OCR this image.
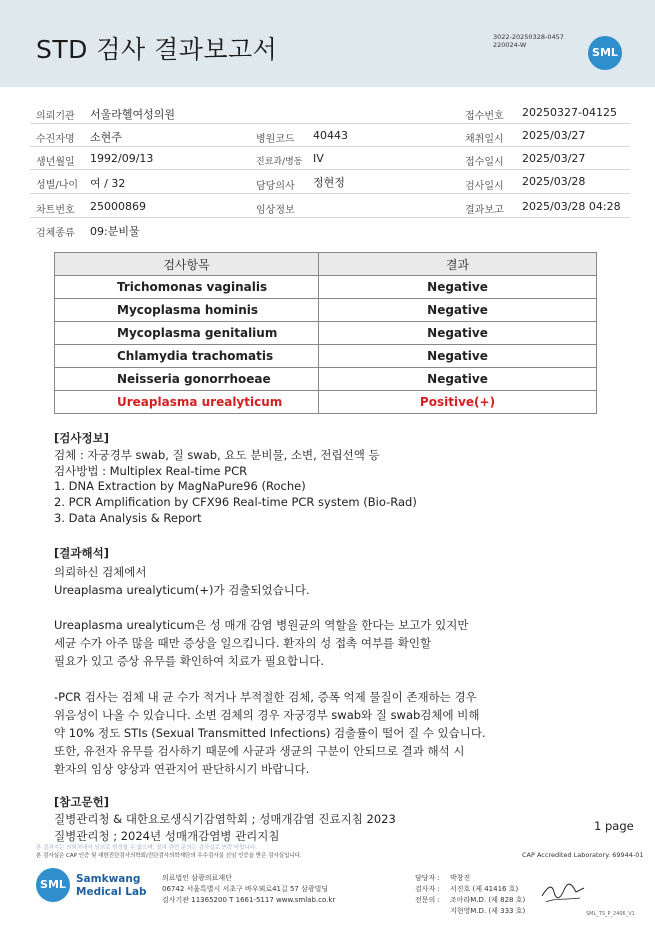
STD 검사 결과보고서	3022-20250328-0457
220024-W
SML
의뢰기관 서울라헬여성의원	접수번호 20250327-04125
수진자명 소현주	병원코드 40443	채취일시 2025/03/27
생년월일 1992/09/13	진료과/병동 IV	접수일시 2025/03/27
성별/나이 여 / 32	담당의사 정현정	검사일시 2025/03/28
차트번호 25000869	임상정보	결과보고 2025/03/28 04:28
검체종류 09:분비물
검사항목	결과
Trichomonas vaginalis	Negative
Mycoplasma hominis	Negative
Mycoplasma genitalium	Negative
Chlamydia trachomatis	Negative
Neisseria gonorrhoeae	Negative
Ureaplasma urealyticum	Positive(+)
[검사정보]
검체 : 자궁경부 swab, 질 swab, 요도 분비물, 소변, 전립선액 등
검사방법 : Multiplex Real-time PCR
1. DNA Extraction by MagNaPure96 (Roche)
2. PCR Amplification by CFX96 Real-time PCR system (Bio-Rad)
3. Data Analysis & Report
[결과해석]
의뢰하신 검체에서
Ureaplasma urealyticum(+)가 검출되었습니다.
Ureaplasma urealyticum은 성 매개 감염 병원균의 역할을 한다는 보고가 있지만
세균 수가 아주 많을 때만 증상을 일으킵니다. 환자의 성 접촉 여부를 확인할
필요가 있고 증상 유무를 확인하여 치료가 필요합니다.
-PCR 검사는 검체 내 균 수가 적거나 부적절한 검체, 증폭 억제 물질이 존재하는 경우
위음성이 나올 수 있습니다. 소변 검체의 경우 자궁경부 swab와 질 swab검체에 비해
약 10% 정도 STIs (Sexual Transmitted Infections) 검출률이 떨어 질 수 있습니다.
또한, 유전자 유무를 검사하기 때문에 사균과 생균의 구분이 안되므로 결과 해석 시
환자의 임상 양상과 연관지어 판단하시기 바랍니다.
[참고문헌]
질병관리청 & 대한요로생식기감염학회 ; 성매개감염 진료지침 2023
질병관리청 ; 2024년 성매개감염병 관리지침
1 page
본 결과지는 의뢰처에서 임의로 변경할 수 없으며, 결과 관련 문의는 검사실로 연락 바랍니다.
본 검사실은 CAP 인증 및 대한진단검사의학회/진단검사의학재단의 우수검사실 신임 인증을 받은 검사실입니다.	CAP Accredited Laboratory. 69944-01
SML Samkwang
Medical Lab
의료법인 삼광의료재단
06742 서울특별시 서초구 바우뫼로41길 57 삼광빌딩
검사기관 11365200 T 1661-5117 www.smlab.co.kr
담당자 : 박창진
검사자 : 서진호 (제 41416 호)
전문의 : 조아라M.D. (제 828 호)
지현영M.D. (제 333 호)	SML_TS_P_2406_V1
